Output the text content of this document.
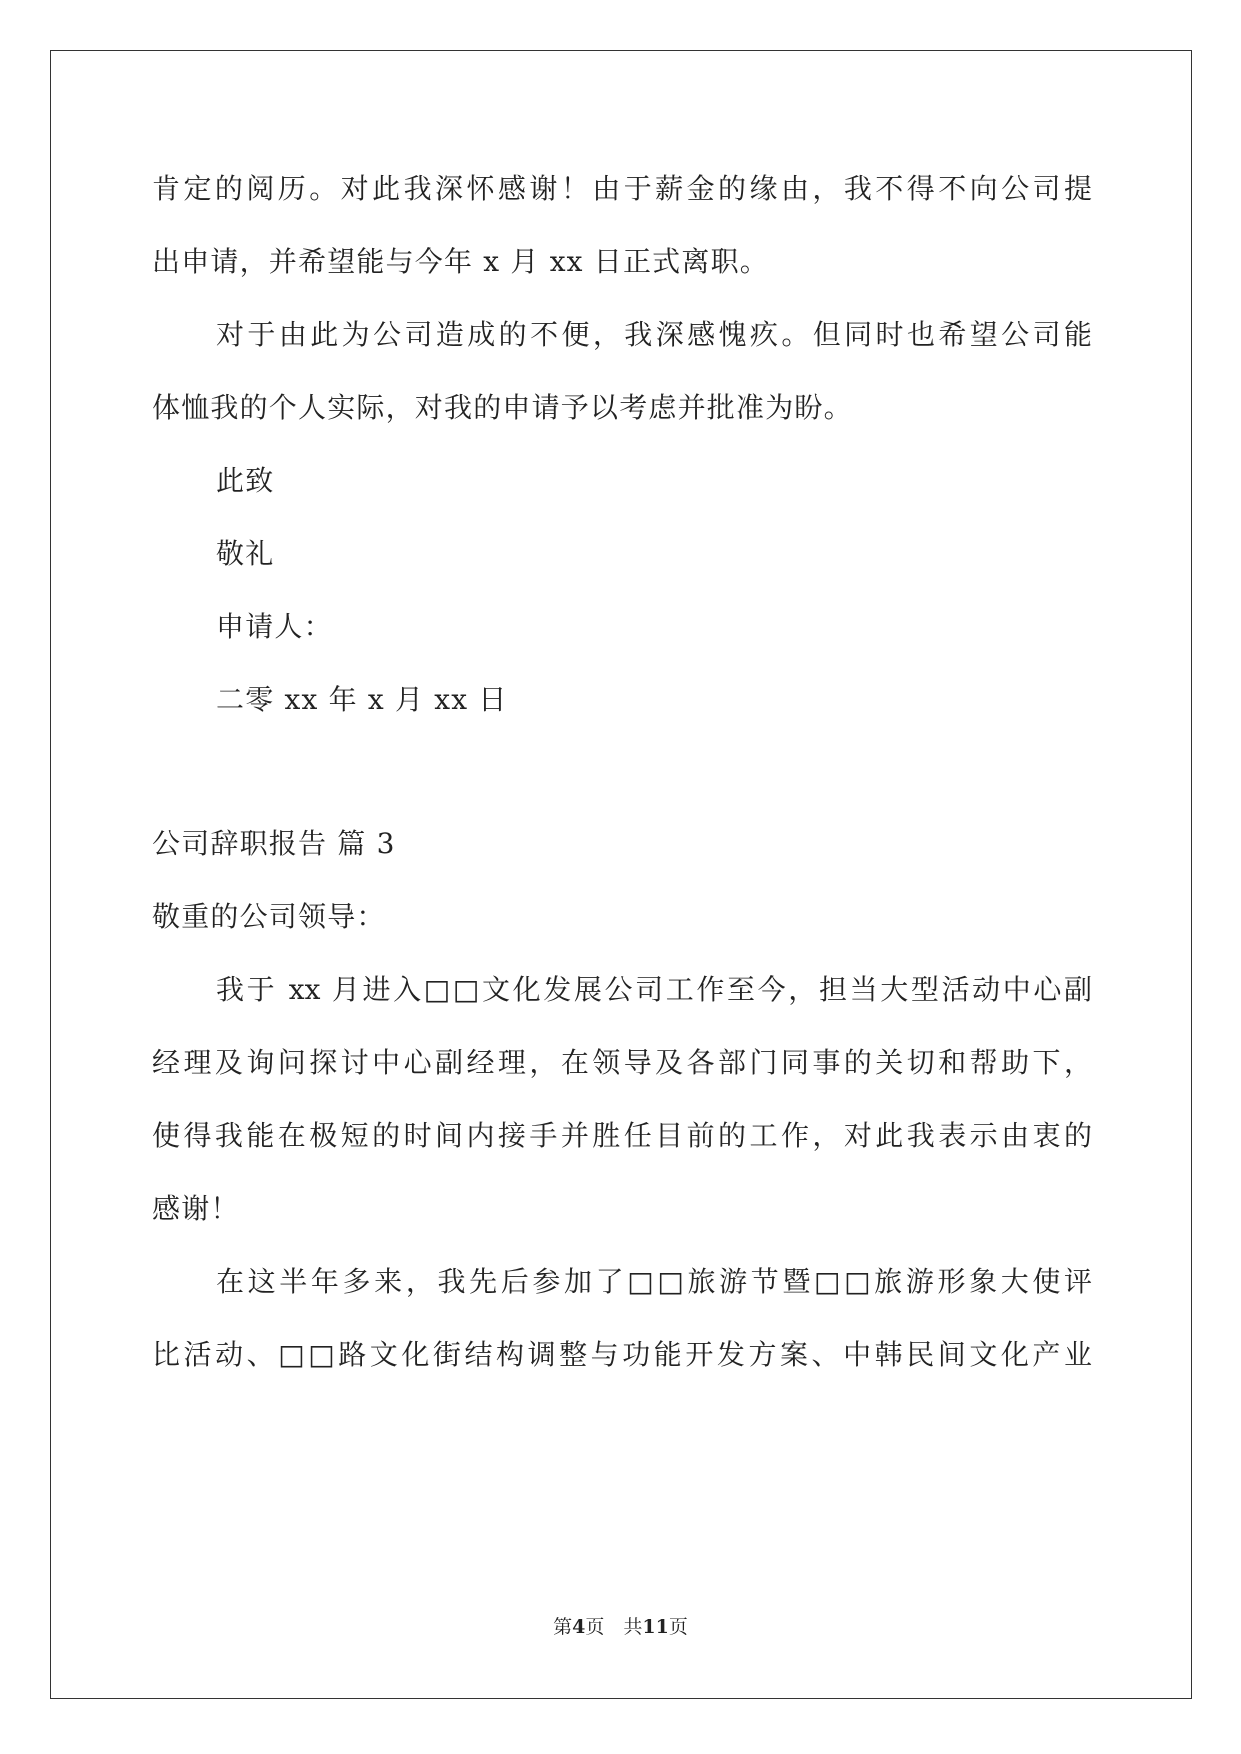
肯定的阅历。对此我深怀感谢！由于薪金的缘由，我不得不向公司提
出申请，并希望能与今年 x 月 xx 日正式离职。
对于由此为公司造成的不便，我深感愧疚。但同时也希望公司能
体恤我的个人实际，对我的申请予以考虑并批准为盼。
此致
敬礼
申请人：
二零 xx 年 x 月 xx 日
公司辞职报告 篇 3
敬重的公司领导：
我于 xx 月进入□□文化发展公司工作至今，担当大型活动中心副
经理及询问探讨中心副经理，在领导及各部门同事的关切和帮助下，
使得我能在极短的时间内接手并胜任目前的工作，对此我表示由衷的
感谢！
在这半年多来，我先后参加了□□旅游节暨□□旅游形象大使评
比活动、□□路文化街结构调整与功能开发方案、中韩民间文化产业
第4页　共11页
